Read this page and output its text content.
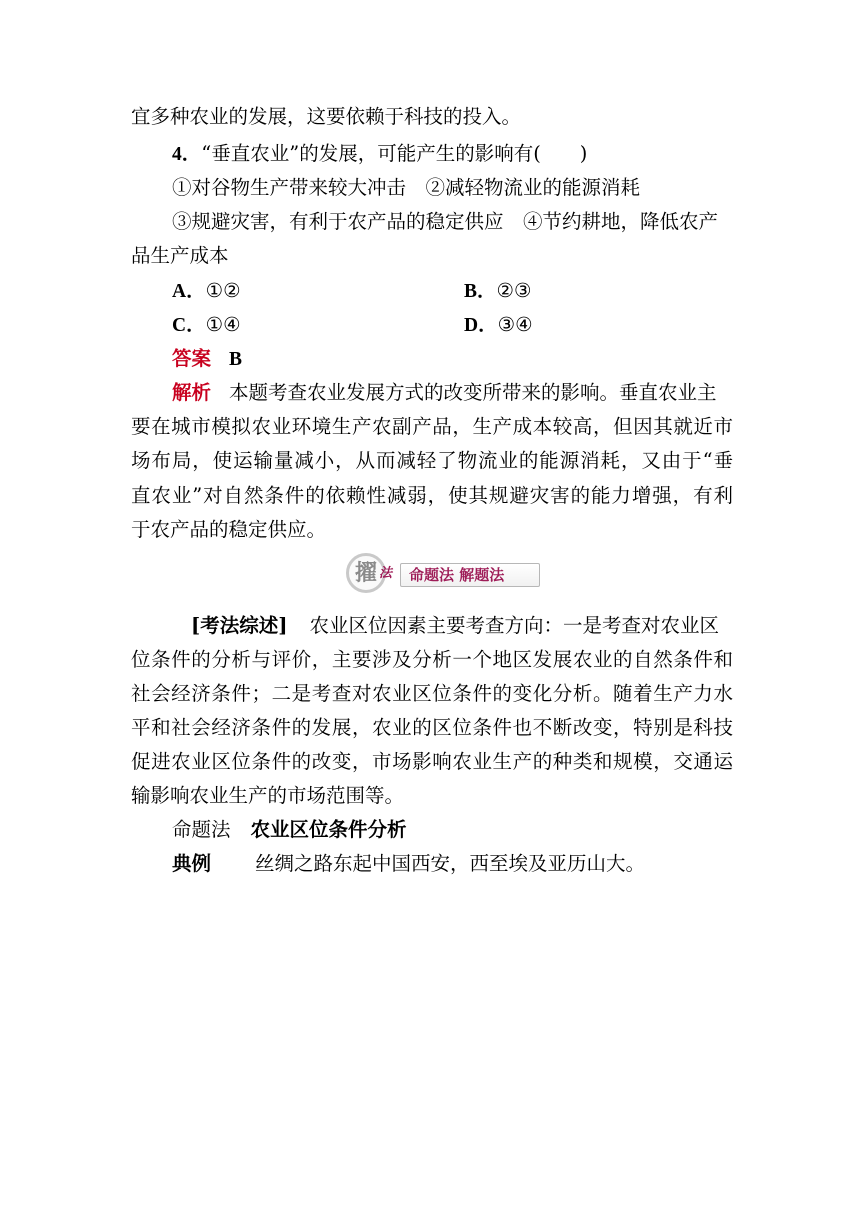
宜多种农业的发展，这要依赖于科技的投入。
4．“垂直农业”的发展，可能产生的影响有(　　)
①对谷物生产带来较大冲击　②减轻物流业的能源消耗
③规避灾害，有利于农产品的稳定供应　④节约耕地，降低农产
品生产成本
A．①②	B．②③
C．①④	D．③④
答案 B
解析 本题考查农业发展方式的改变所带来的影响。垂直农业主
要在城市模拟农业环境生产农副产品，生产成本较高，但因其就近市
场布局，使运输量减小，从而减轻了物流业的能源消耗，又由于“垂
直农业”对自然条件的依赖性减弱，使其规避灾害的能力增强，有利
于农产品的稳定供应。
擢 法 命题法 解题法
[考法综述] 农业区位因素主要考查方向：一是考查对农业区
位条件的分析与评价，主要涉及分析一个地区发展农业的自然条件和
社会经济条件；二是考查对农业区位条件的变化分析。随着生产力水
平和社会经济条件的发展，农业的区位条件也不断改变，特别是科技
促进农业区位条件的改变，市场影响农业生产的种类和规模，交通运
输影响农业生产的市场范围等。
命题法 农业区位条件分析
典例 丝绸之路东起中国西安，西至埃及亚历山大。
